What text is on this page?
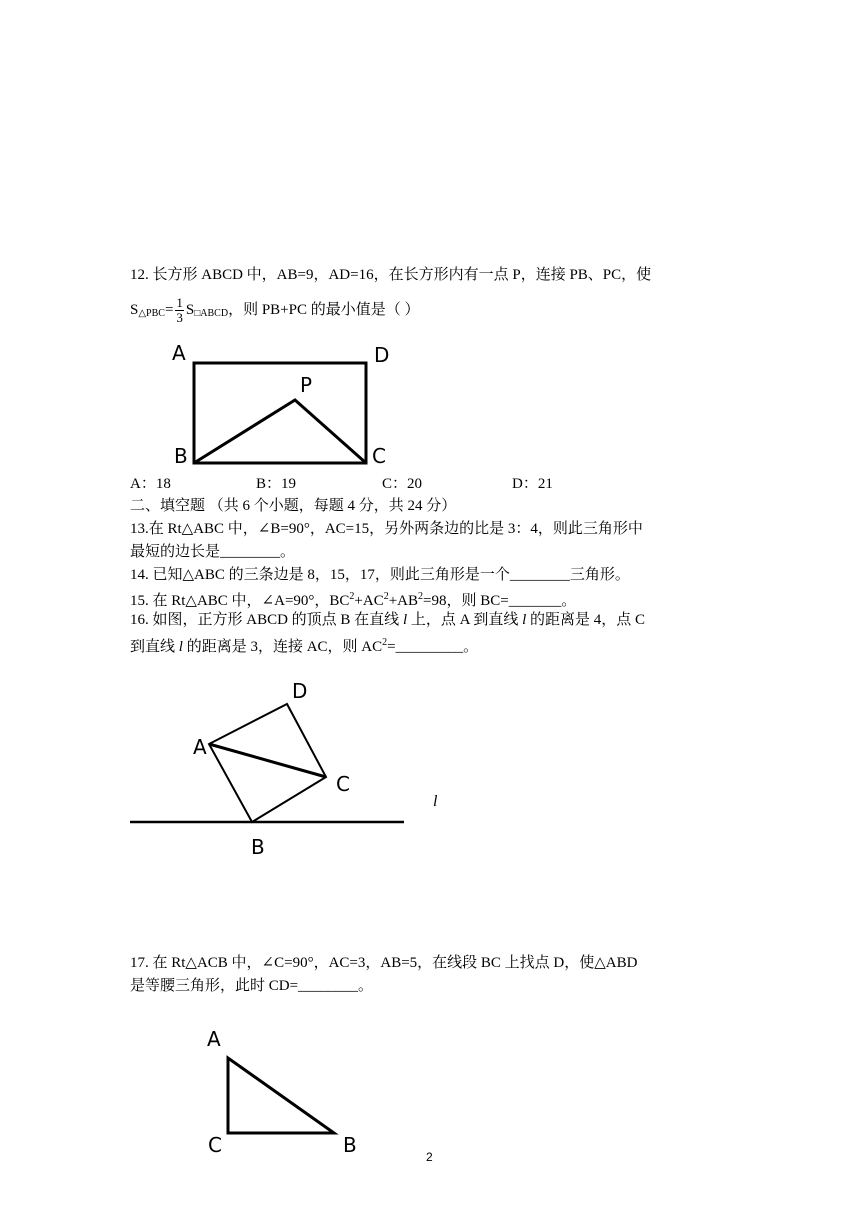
12. 长方形 ABCD 中，AB=9，AD=16，在长方形内有一点 P，连接 PB、PC，使
$S_{\triangle PBC}= \frac{1}{3} S_{□ABCD}$，则 PB+PC 的最小值是（ ）
A	D
P
B	C
A：18	B：19	C：20	D：21
二、填空题 （共 6 个小题，每题 4 分，共 24 分）
13.在 Rt△ABC 中，∠B=90°，AC=15，另外两条边的比是 3：4，则此三角形中
最短的边长是________。
14. 已知△ABC 的三条边是 8，15，17，则此三角形是一个________三角形。
15. 在 Rt△ABC 中，∠A=90°，$BC^2+AC^2+AB^2=98$，则 BC=_______。
16. 如图，正方形 ABCD 的顶点 B 在直线 l 上，点 A 到直线 l 的距离是 4，点 C
到直线 l 的距离是 3，连接 AC，则 $AC^2=\_\_\_\_\_\_\_\_\_$。
D
A
C
B
l
17. 在 Rt△ACB 中，∠C=90°，AC=3，AB=5，在线段 BC 上找点 D，使△ABD
是等腰三角形，此时 CD=________。
A
C	B	2
